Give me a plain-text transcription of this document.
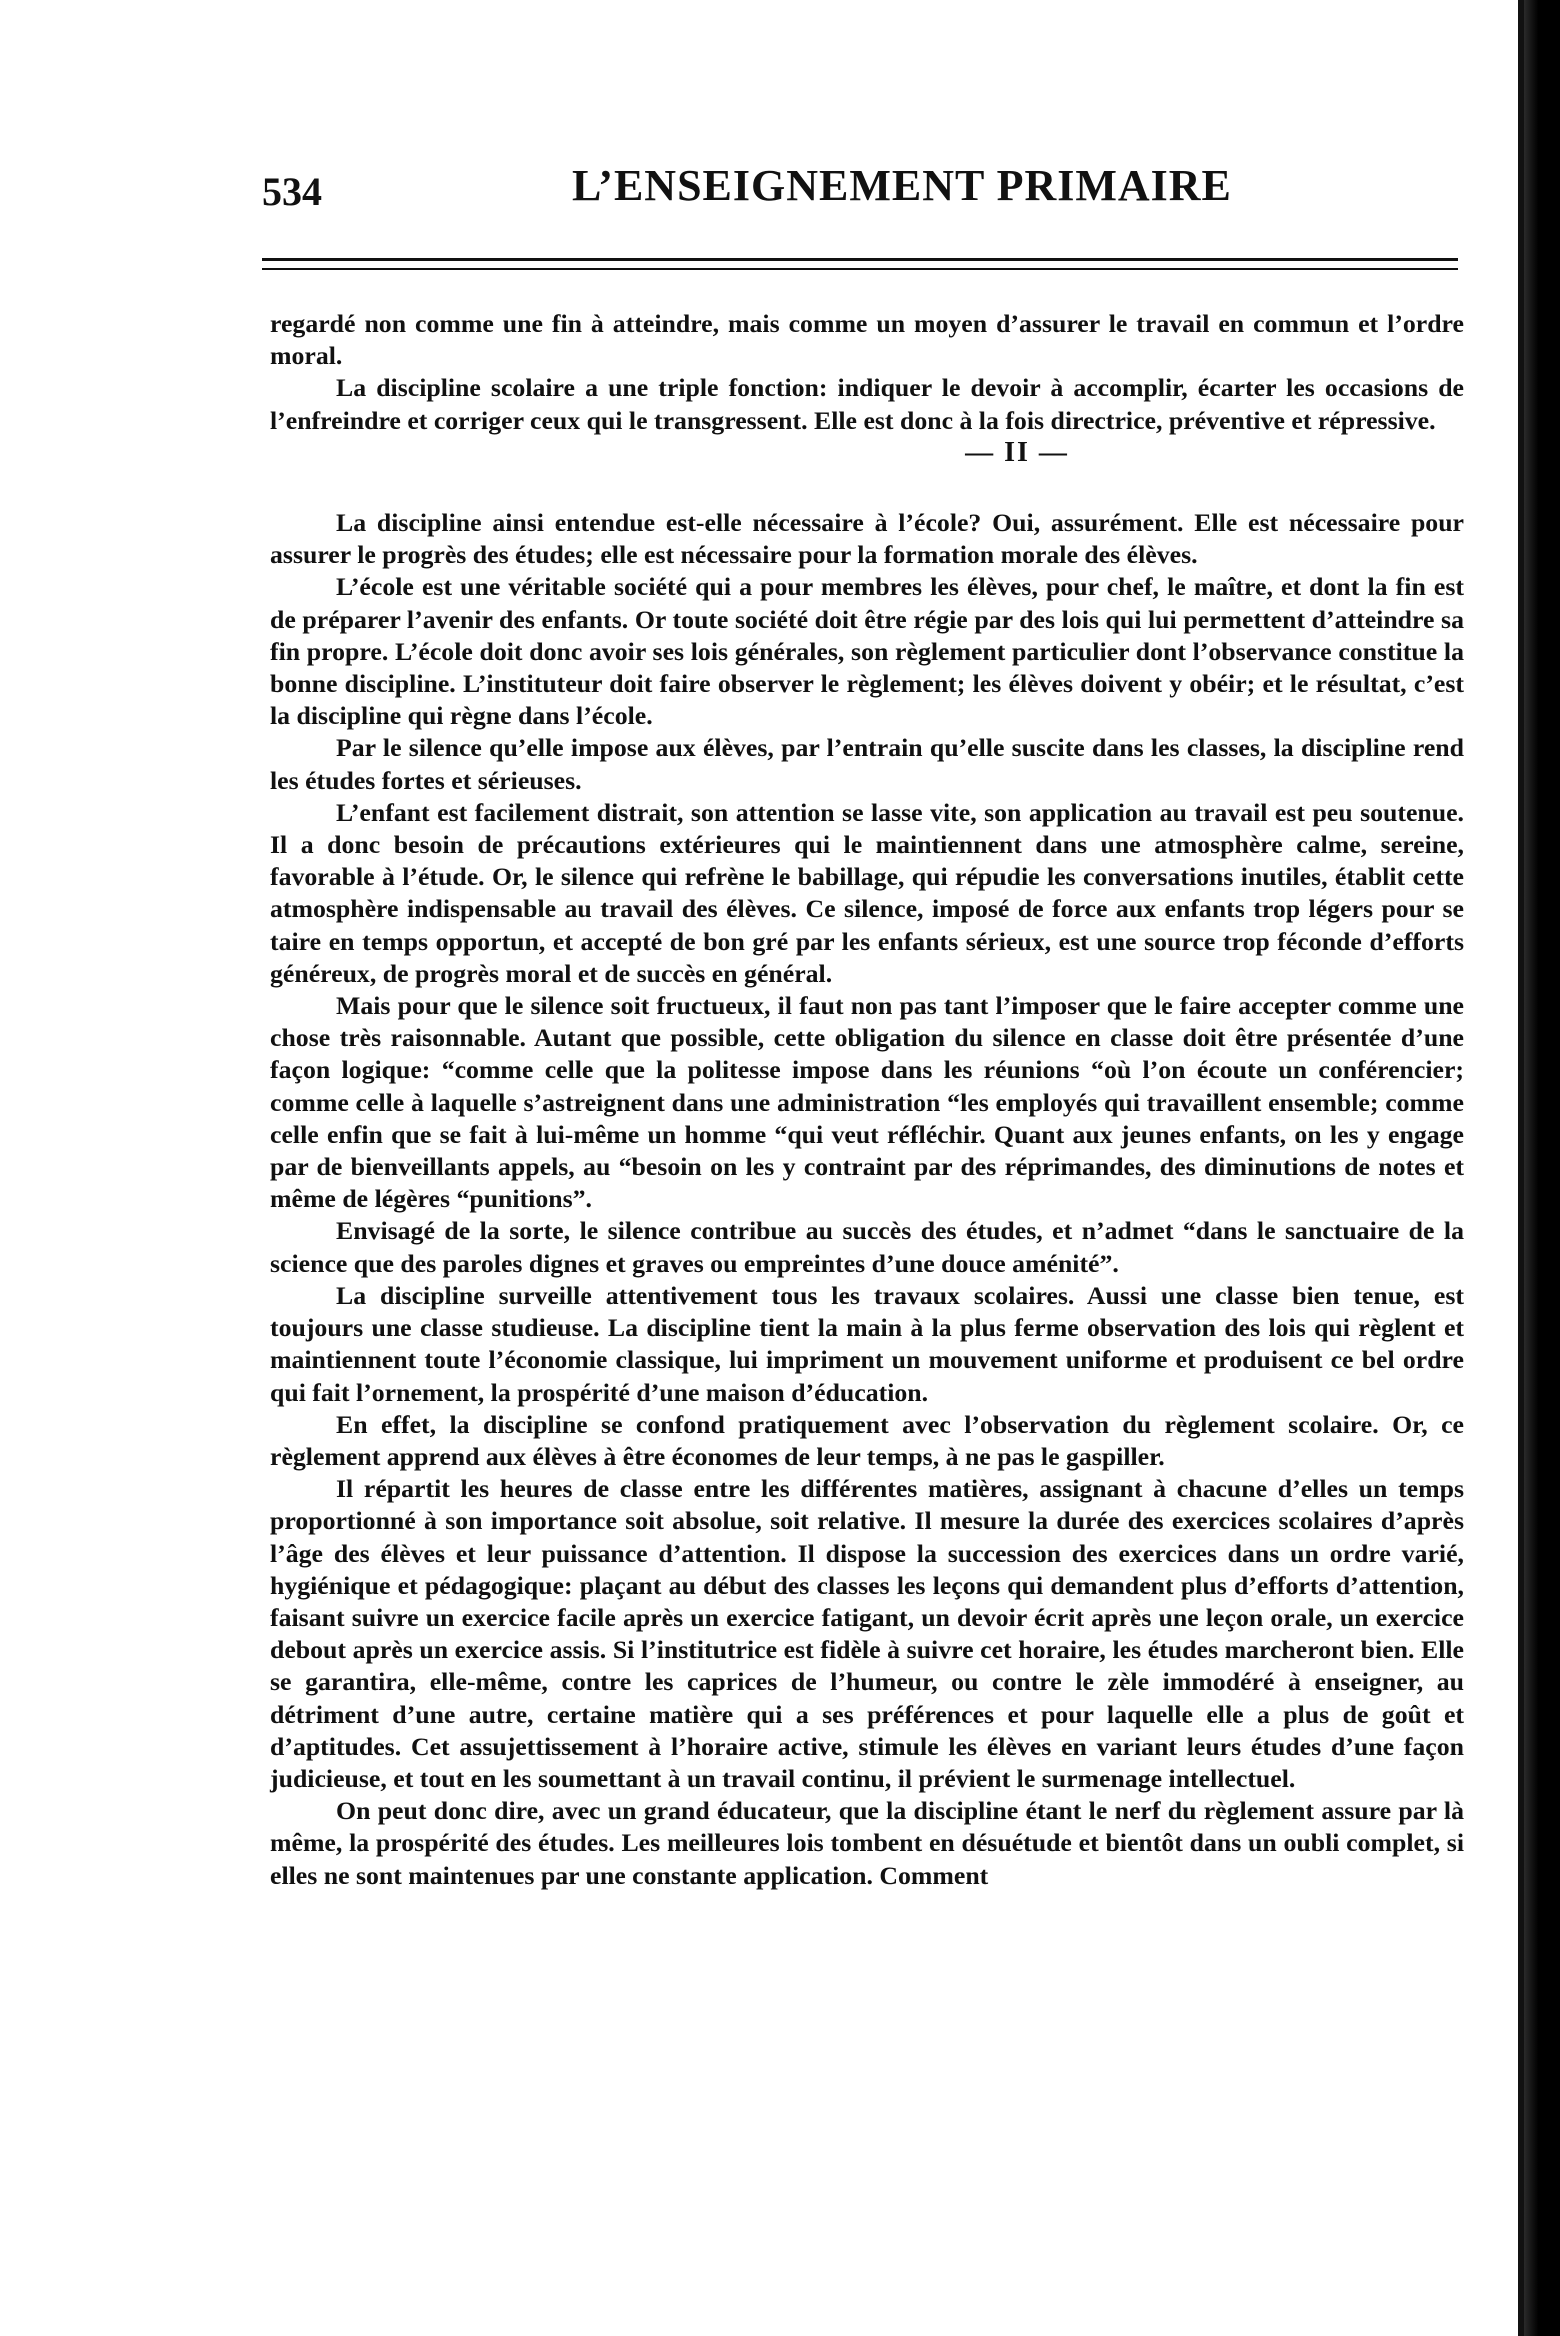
534	L’ENSEIGNEMENT PRIMAIRE

regardé non comme une fin à atteindre, mais comme un moyen d’assurer le travail en commun et l’ordre moral.

La discipline scolaire a une triple fonction: indiquer le devoir à accomplir, écarter les occasions de l’enfreindre et corriger ceux qui le transgressent. Elle est donc à la fois directrice, préventive et répressive.

— II —

La discipline ainsi entendue est-elle nécessaire à l’école? Oui, assurément. Elle est nécessaire pour assurer le progrès des études; elle est nécessaire pour la formation morale des élèves.

L’école est une véritable société qui a pour membres les élèves, pour chef, le maître, et dont la fin est de préparer l’avenir des enfants. Or toute société doit être régie par des lois qui lui permettent d’atteindre sa fin propre. L’école doit donc avoir ses lois générales, son règlement particulier dont l’observance constitue la bonne discipline. L’instituteur doit faire observer le règlement; les élèves doivent y obéir; et le résultat, c’est la discipline qui règne dans l’école.

Par le silence qu’elle impose aux élèves, par l’entrain qu’elle suscite dans les classes, la discipline rend les études fortes et sérieuses.

L’enfant est facilement distrait, son attention se lasse vite, son application au travail est peu soutenue. Il a donc besoin de précautions extérieures qui le maintiennent dans une atmosphère calme, sereine, favorable à l’étude. Or, le silence qui refrène le babillage, qui répudie les conversations inutiles, établit cette atmosphère indispensable au travail des élèves. Ce silence, imposé de force aux enfants trop légers pour se taire en temps opportun, et accepté de bon gré par les enfants sérieux, est une source trop féconde d’efforts généreux, de progrès moral et de succès en général.

Mais pour que le silence soit fructueux, il faut non pas tant l’imposer que le faire accepter comme une chose très raisonnable. Autant que possible, cette obligation du silence en classe doit être présentée d’une façon logique: “comme celle que la politesse impose dans les réunions “où l’on écoute un conférencier; comme celle à laquelle s’astreignent dans une administration “les employés qui travaillent ensemble; comme celle enfin que se fait à lui-même un homme “qui veut réfléchir. Quant aux jeunes enfants, on les y engage par de bienveillants appels, au “besoin on les y contraint par des réprimandes, des diminutions de notes et même de légères “punitions”.

Envisagé de la sorte, le silence contribue au succès des études, et n’admet “dans le sanctuaire de la science que des paroles dignes et graves ou empreintes d’une douce aménité”.

La discipline surveille attentivement tous les travaux scolaires. Aussi une classe bien tenue, est toujours une classe studieuse. La discipline tient la main à la plus ferme observation des lois qui règlent et maintiennent toute l’économie classique, lui impriment un mouvement uniforme et produisent ce bel ordre qui fait l’ornement, la prospérité d’une maison d’éducation.

En effet, la discipline se confond pratiquement avec l’observation du règlement scolaire. Or, ce règlement apprend aux élèves à être économes de leur temps, à ne pas le gaspiller.

Il répartit les heures de classe entre les différentes matières, assignant à chacune d’elles un temps proportionné à son importance soit absolue, soit relative. Il mesure la durée des exercices scolaires d’après l’âge des élèves et leur puissance d’attention. Il dispose la succession des exercices dans un ordre varié, hygiénique et pédagogique: plaçant au début des classes les leçons qui demandent plus d’efforts d’attention, faisant suivre un exercice facile après un exercice fatigant, un devoir écrit après une leçon orale, un exercice debout après un exercice assis. Si l’institutrice est fidèle à suivre cet horaire, les études marcheront bien. Elle se garantira, elle-même, contre les caprices de l’humeur, ou contre le zèle immodéré à enseigner, au détriment d’une autre, certaine matière qui a ses préférences et pour laquelle elle a plus de goût et d’aptitudes. Cet assujettissement à l’horaire active, stimule les élèves en variant leurs études d’une façon judicieuse, et tout en les soumettant à un travail continu, il prévient le surmenage intellectuel.

On peut donc dire, avec un grand éducateur, que la discipline étant le nerf du règlement assure par là même, la prospérité des études. Les meilleures lois tombent en désuétude et bientôt dans un oubli complet, si elles ne sont maintenues par une constante application. Comment
